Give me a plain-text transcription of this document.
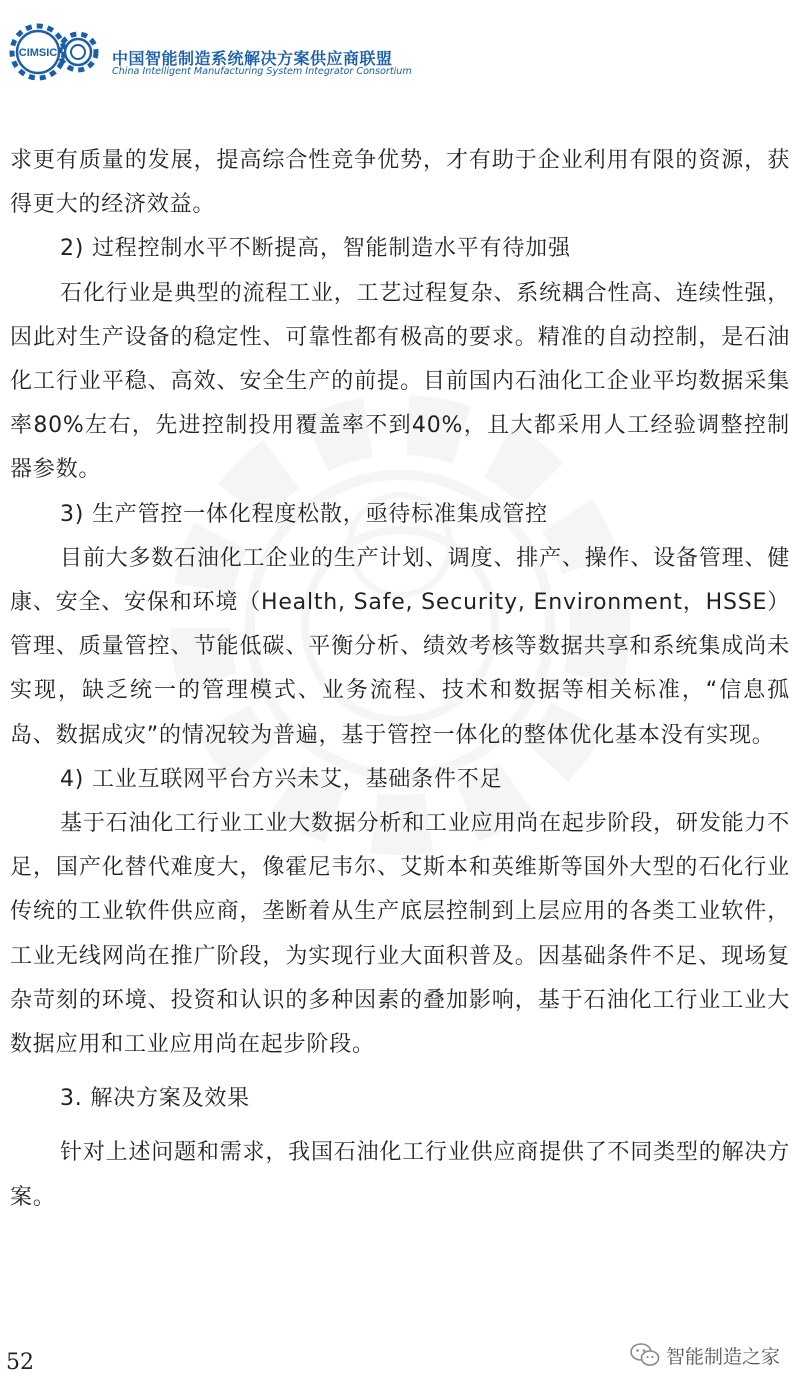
CIMSIC	中国智能制造系统解决方案供应商联盟
China Intelligent Manufacturing System Integrator Consortium

求更有质量的发展，提高综合性竞争优势，才有助于企业利用有限的资源，获得更大的经济效益。

2) 过程控制水平不断提高，智能制造水平有待加强

石化行业是典型的流程工业，工艺过程复杂、系统耦合性高、连续性强，因此对生产设备的稳定性、可靠性都有极高的要求。精准的自动控制，是石油化工行业平稳、高效、安全生产的前提。目前国内石油化工企业平均数据采集率80%左右，先进控制投用覆盖率不到40%，且大都采用人工经验调整控制器参数。

3) 生产管控一体化程度松散，亟待标准集成管控

目前大多数石油化工企业的生产计划、调度、排产、操作、设备管理、健康、安全、安保和环境（Health, Safe, Security, Environment，HSSE）管理、质量管控、节能低碳、平衡分析、绩效考核等数据共享和系统集成尚未实现，缺乏统一的管理模式、业务流程、技术和数据等相关标准，“信息孤岛、数据成灾”的情况较为普遍，基于管控一体化的整体优化基本没有实现。

4) 工业互联网平台方兴未艾，基础条件不足

基于石油化工行业工业大数据分析和工业应用尚在起步阶段，研发能力不足，国产化替代难度大，像霍尼韦尔、艾斯本和英维斯等国外大型的石化行业传统的工业软件供应商，垄断着从生产底层控制到上层应用的各类工业软件，工业无线网尚在推广阶段，为实现行业大面积普及。因基础条件不足、现场复杂苛刻的环境、投资和认识的多种因素的叠加影响，基于石油化工行业工业大数据应用和工业应用尚在起步阶段。

3. 解决方案及效果

针对上述问题和需求，我国石油化工行业供应商提供了不同类型的解决方案。

52	智能制造之家
